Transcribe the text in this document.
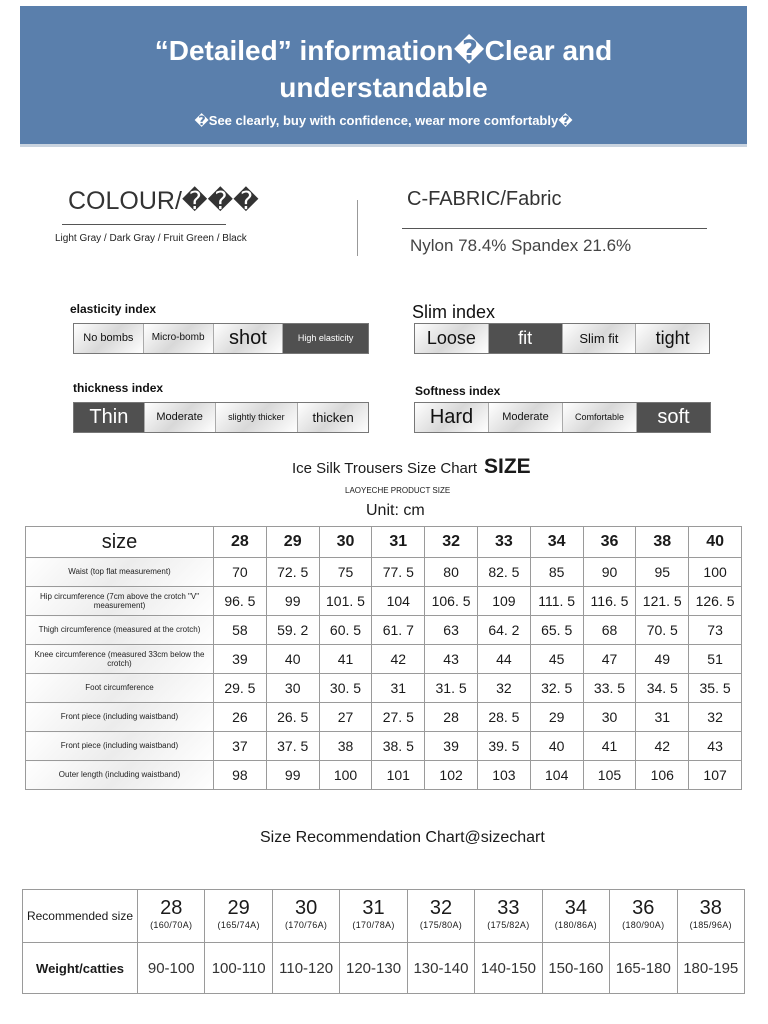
“Detailed” information�Clear and
understandable
�See clearly, buy with confidence, wear more comfortably�
COLOUR/���
Light Gray / Dark Gray / Fruit Green / Black
C-FABRIC/Fabric
Nylon 78.4% Spandex 21.6%
elasticity index
No bombs	Micro-bomb	shot	High elasticity
Slim index
Loose	fit	Slim fit	tight
thickness index
Thin	Moderate	slightly thicker	thicken
Softness index
Hard	Moderate	Comfortable	soft
Ice Silk Trousers Size Chart SIZE
LAOYECHE PRODUCT SIZE
Unit: cm
size	28	29	30	31	32	33	34	36	38	40
Waist (top flat measurement)	70	72. 5	75	77. 5	80	82. 5	85	90	95	100
Hip circumference (7cm above the crotch "V" measurement)	96. 5	99	101. 5	104	106. 5	109	111. 5	116. 5	121. 5	126. 5
Thigh circumference (measured at the crotch)	58	59. 2	60. 5	61. 7	63	64. 2	65. 5	68	70. 5	73
Knee circumference (measured 33cm below the crotch)	39	40	41	42	43	44	45	47	49	51
Foot circumference	29. 5	30	30. 5	31	31. 5	32	32. 5	33. 5	34. 5	35. 5
Front piece (including waistband)	26	26. 5	27	27. 5	28	28. 5	29	30	31	32
Front piece (including waistband)	37	37. 5	38	38. 5	39	39. 5	40	41	42	43
Outer length (including waistband)	98	99	100	101	102	103	104	105	106	107
Size Recommendation Chart@sizechart
Recommended size	28	29	30	31	32	33	34	36	38
	(160/70A)	(165/74A)	(170/76A)	(170/78A)	(175/80A)	(175/82A)	(180/86A)	(180/90A)	(185/96A)
Weight/catties	90-100	100-110	110-120	120-130	130-140	140-150	150-160	165-180	180-195
